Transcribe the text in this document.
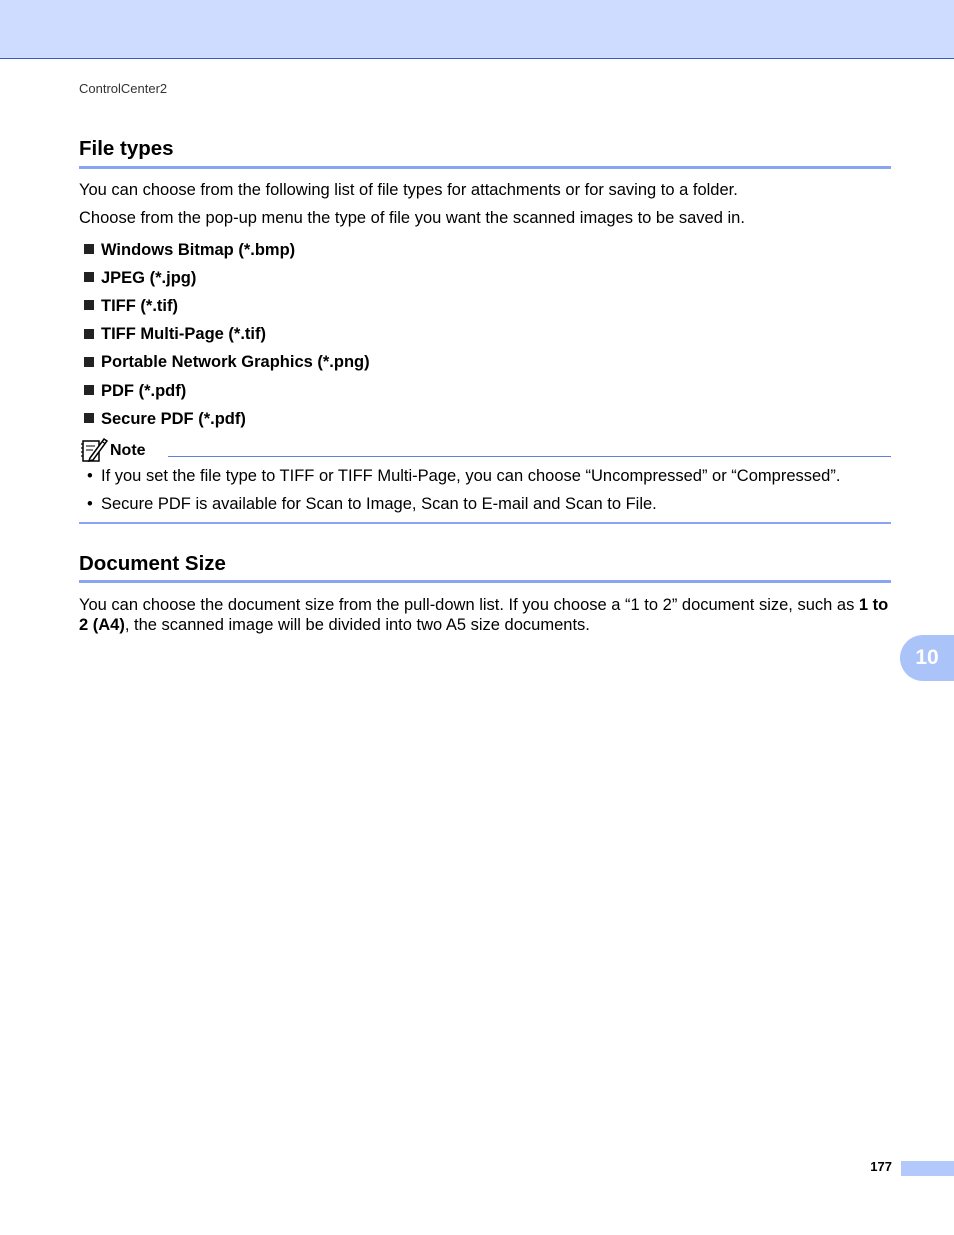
ControlCenter2
File types
You can choose from the following list of file types for attachments or for saving to a folder.
Choose from the pop-up menu the type of file you want the scanned images to be saved in.
Windows Bitmap (*.bmp)
JPEG (*.jpg)
TIFF (*.tif)
TIFF Multi-Page (*.tif)
Portable Network Graphics (*.png)
PDF (*.pdf)
Secure PDF (*.pdf)
Note
• If you set the file type to TIFF or TIFF Multi-Page, you can choose “Uncompressed” or “Compressed”.
• Secure PDF is available for Scan to Image, Scan to E-mail and Scan to File.
Document Size
You can choose the document size from the pull-down list. If you choose a “1 to 2” document size, such as 1 to 2 (A4), the scanned image will be divided into two A5 size documents.
10
177
